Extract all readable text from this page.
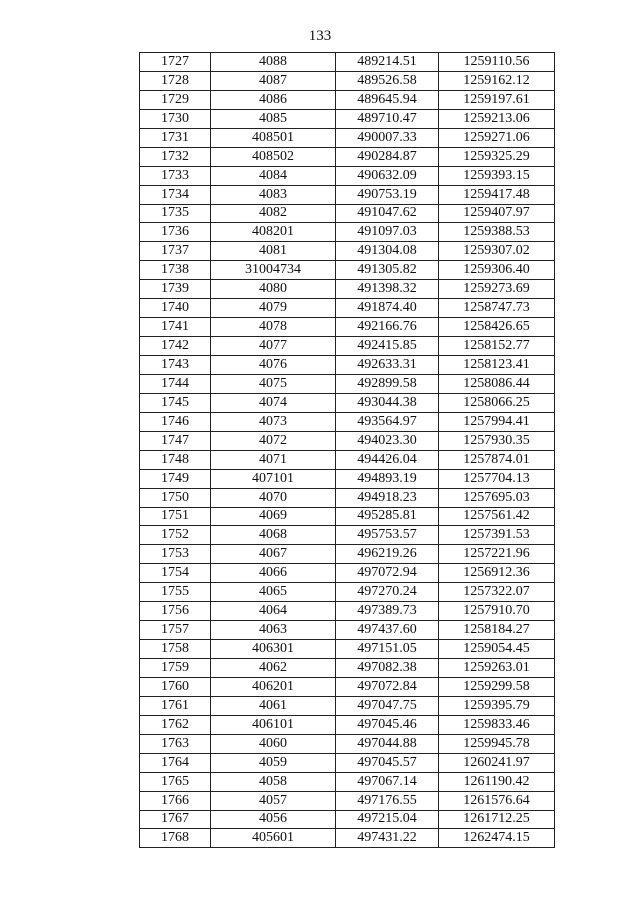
133
1727	4088	489214.51	1259110.56
1728	4087	489526.58	1259162.12
1729	4086	489645.94	1259197.61
1730	4085	489710.47	1259213.06
1731	408501	490007.33	1259271.06
1732	408502	490284.87	1259325.29
1733	4084	490632.09	1259393.15
1734	4083	490753.19	1259417.48
1735	4082	491047.62	1259407.97
1736	408201	491097.03	1259388.53
1737	4081	491304.08	1259307.02
1738	31004734	491305.82	1259306.40
1739	4080	491398.32	1259273.69
1740	4079	491874.40	1258747.73
1741	4078	492166.76	1258426.65
1742	4077	492415.85	1258152.77
1743	4076	492633.31	1258123.41
1744	4075	492899.58	1258086.44
1745	4074	493044.38	1258066.25
1746	4073	493564.97	1257994.41
1747	4072	494023.30	1257930.35
1748	4071	494426.04	1257874.01
1749	407101	494893.19	1257704.13
1750	4070	494918.23	1257695.03
1751	4069	495285.81	1257561.42
1752	4068	495753.57	1257391.53
1753	4067	496219.26	1257221.96
1754	4066	497072.94	1256912.36
1755	4065	497270.24	1257322.07
1756	4064	497389.73	1257910.70
1757	4063	497437.60	1258184.27
1758	406301	497151.05	1259054.45
1759	4062	497082.38	1259263.01
1760	406201	497072.84	1259299.58
1761	4061	497047.75	1259395.79
1762	406101	497045.46	1259833.46
1763	4060	497044.88	1259945.78
1764	4059	497045.57	1260241.97
1765	4058	497067.14	1261190.42
1766	4057	497176.55	1261576.64
1767	4056	497215.04	1261712.25
1768	405601	497431.22	1262474.15
